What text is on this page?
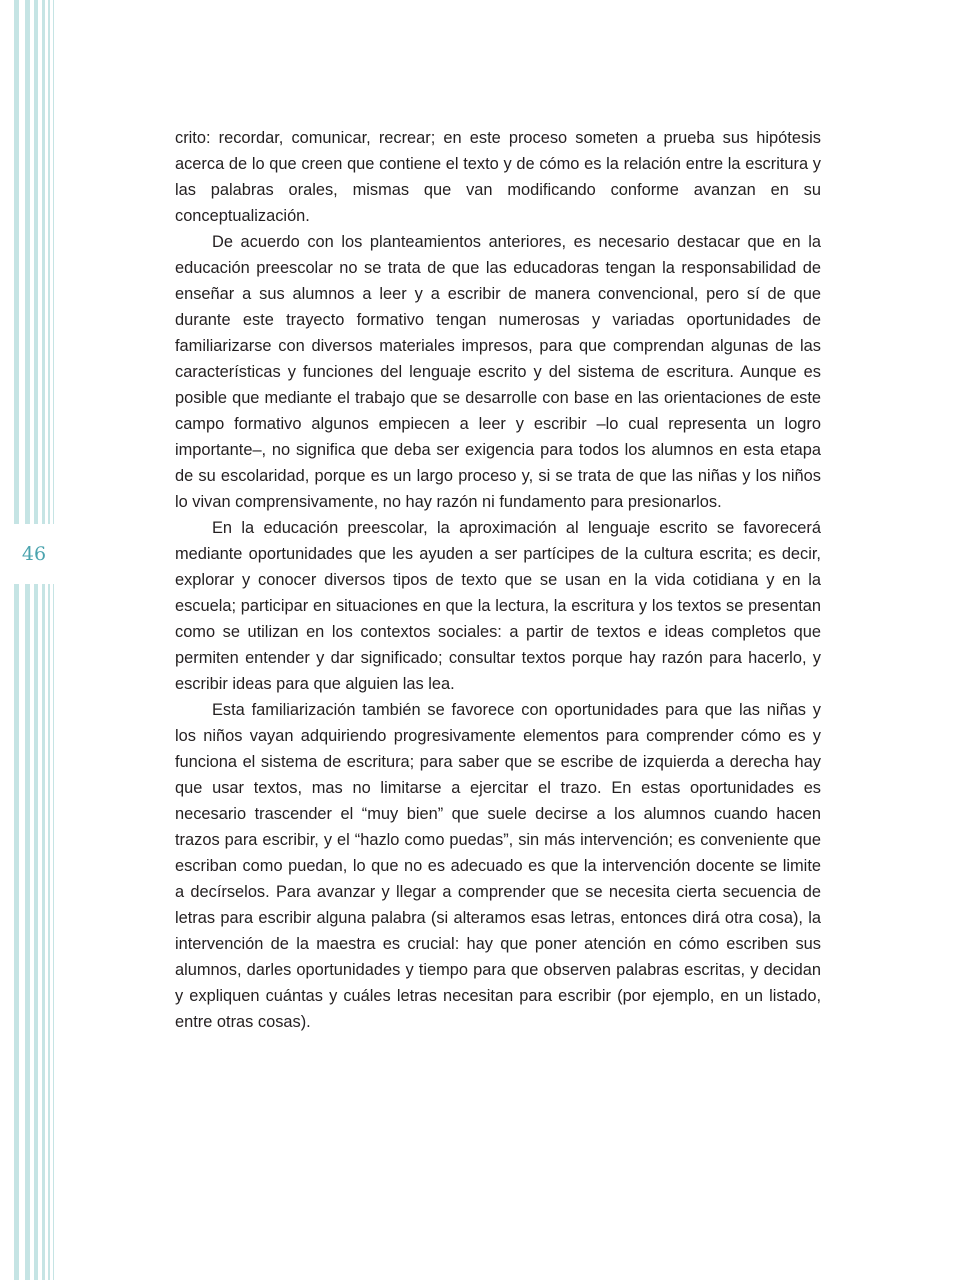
46

crito: recordar, comunicar, recrear; en este proceso someten a prueba sus hipótesis acerca de lo que creen que contiene el texto y de cómo es la relación entre la escritura y las palabras orales, mismas que van modificando conforme avanzan en su conceptualización.

De acuerdo con los planteamientos anteriores, es necesario destacar que en la educación preescolar no se trata de que las educadoras tengan la responsabilidad de enseñar a sus alumnos a leer y a escribir de manera convencional, pero sí de que durante este trayecto formativo tengan numerosas y variadas oportunidades de familiarizarse con diversos materiales impresos, para que comprendan algunas de las características y funciones del lenguaje escrito y del sistema de escritura. Aunque es posible que mediante el trabajo que se desarrolle con base en las orientaciones de este campo formativo algunos empiecen a leer y escribir –lo cual representa un logro importante–, no significa que deba ser exigencia para todos los alumnos en esta etapa de su escolaridad, porque es un largo proceso y, si se trata de que las niñas y los niños lo vivan comprensivamente, no hay razón ni fundamento para presionarlos.

En la educación preescolar, la aproximación al lenguaje escrito se favorecerá mediante oportunidades que les ayuden a ser partícipes de la cultura escrita; es decir, explorar y conocer diversos tipos de texto que se usan en la vida cotidiana y en la escuela; participar en situaciones en que la lectura, la escritura y los textos se presentan como se utilizan en los contextos sociales: a partir de textos e ideas completos que permiten entender y dar significado; consultar textos porque hay razón para hacerlo, y escribir ideas para que alguien las lea.

Esta familiarización también se favorece con oportunidades para que las niñas y los niños vayan adquiriendo progresivamente elementos para comprender cómo es y funciona el sistema de escritura; para saber que se escribe de izquierda a derecha hay que usar textos, mas no limitarse a ejercitar el trazo. En estas oportunidades es necesario trascender el “muy bien” que suele decirse a los alumnos cuando hacen trazos para escribir, y el “hazlo como puedas”, sin más intervención; es conveniente que escriban como puedan, lo que no es adecuado es que la intervención docente se limite a decírselos. Para avanzar y llegar a comprender que se necesita cierta secuencia de letras para escribir alguna palabra (si alteramos esas letras, entonces dirá otra cosa), la intervención de la maestra es crucial: hay que poner atención en cómo escriben sus alumnos, darles oportunidades y tiempo para que observen palabras escritas, y decidan y expliquen cuántas y cuáles letras necesitan para escribir (por ejemplo, en un listado, entre otras cosas).
